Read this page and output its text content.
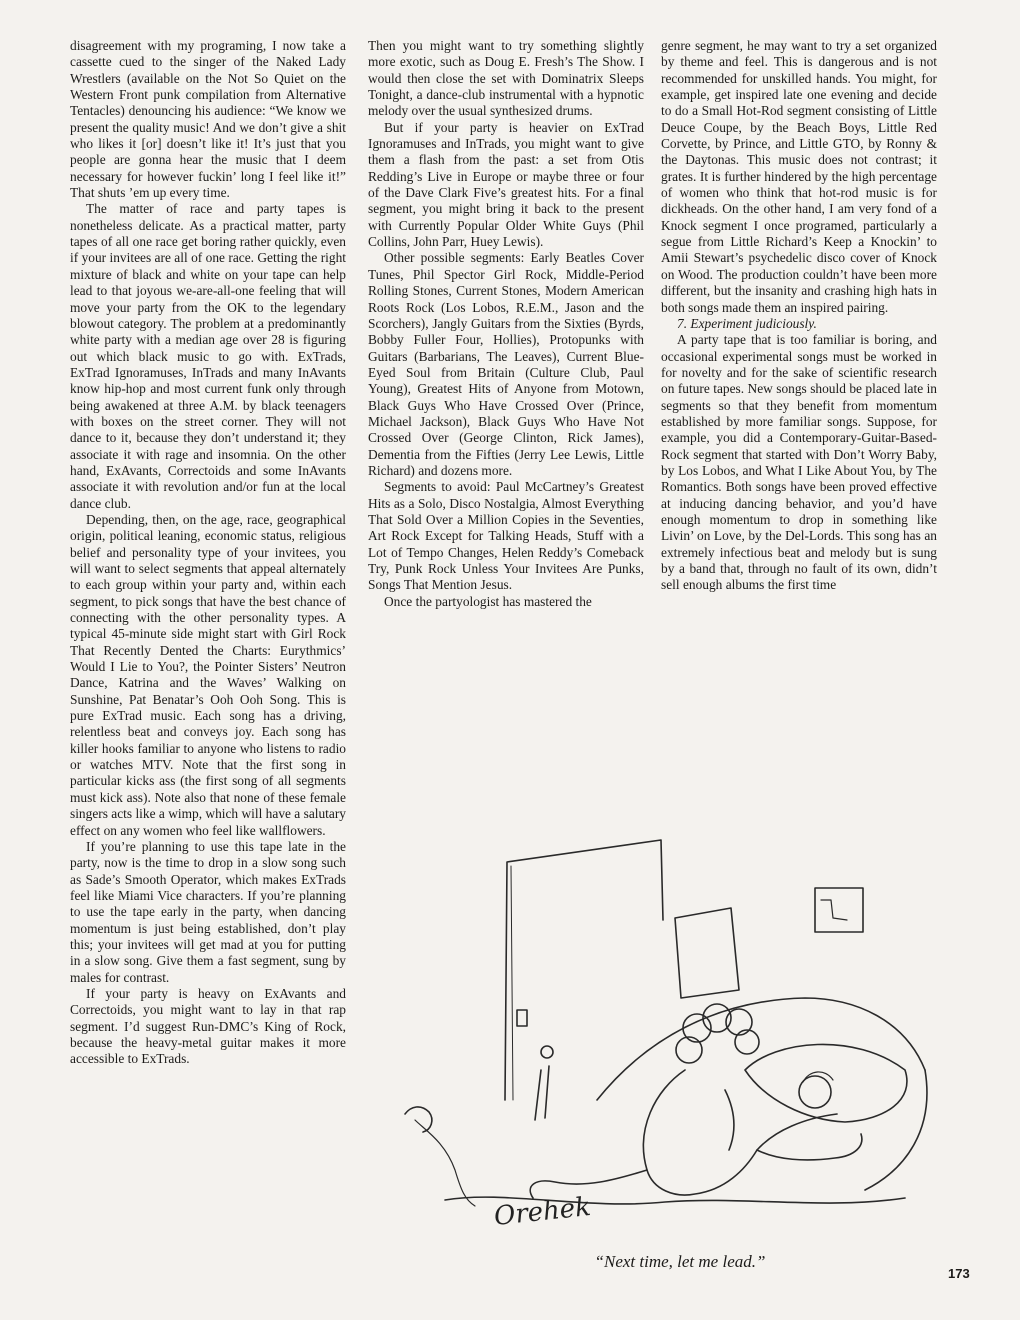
disagreement with my programing, I now take a cassette cued to the singer of the Naked Lady Wrestlers (available on the Not So Quiet on the Western Front punk compilation from Alternative Tentacles) denouncing his audience: “We know we present the quality music! And we don’t give a shit who likes it [or] doesn’t like it! It’s just that you people are gonna hear the music that I deem necessary for however fuckin’ long I feel like it!” That shuts ’em up every time.

The matter of race and party tapes is nonetheless delicate. As a practical matter, party tapes of all one race get boring rather quickly, even if your invitees are all of one race. Getting the right mixture of black and white on your tape can help lead to that joyous we-are-all-one feeling that will move your party from the OK to the legendary blowout category. The problem at a predominantly white party with a median age over 28 is figuring out which black music to go with. ExTrads, ExTrad Ignoramuses, InTrads and many InAvants know hip-hop and most current funk only through being awakened at three A.M. by black teenagers with boxes on the street corner. They will not dance to it, because they don’t understand it; they associate it with rage and insomnia. On the other hand, ExAvants, Correctoids and some InAvants associate it with revolution and/or fun at the local dance club.

Depending, then, on the age, race, geographical origin, political leaning, economic status, religious belief and personality type of your invitees, you will want to select segments that appeal alternately to each group within your party and, within each segment, to pick songs that have the best chance of connecting with the other personality types. A typical 45-minute side might start with Girl Rock That Recently Dented the Charts: Eurythmics’ Would I Lie to You?, the Pointer Sisters’ Neutron Dance, Katrina and the Waves’ Walking on Sunshine, Pat Benatar’s Ooh Ooh Song. This is pure ExTrad music. Each song has a driving, relentless beat and conveys joy. Each song has killer hooks familiar to anyone who listens to radio or watches MTV. Note that the first song in particular kicks ass (the first song of all segments must kick ass). Note also that none of these female singers acts like a wimp, which will have a salutary effect on any women who feel like wallflowers.

If you’re planning to use this tape late in the party, now is the time to drop in a slow song such as Sade’s Smooth Operator, which makes ExTrads feel like Miami Vice characters. If you’re planning to use the tape early in the party, when dancing momentum is just being established, don’t play this; your invitees will get mad at you for putting in a slow song. Give them a fast segment, sung by males for contrast.

If your party is heavy on ExAvants and Correctoids, you might want to lay in that rap segment. I’d suggest Run-DMC’s King of Rock, because the heavy-metal guitar makes it more accessible to ExTrads.

Then you might want to try something slightly more exotic, such as Doug E. Fresh’s The Show. I would then close the set with Dominatrix Sleeps Tonight, a dance-club instrumental with a hypnotic melody over the usual synthesized drums.

But if your party is heavier on ExTrad Ignoramuses and InTrads, you might want to give them a flash from the past: a set from Otis Redding’s Live in Europe or maybe three or four of the Dave Clark Five’s greatest hits. For a final segment, you might bring it back to the present with Currently Popular Older White Guys (Phil Collins, John Parr, Huey Lewis).

Other possible segments: Early Beatles Cover Tunes, Phil Spector Girl Rock, Middle-Period Rolling Stones, Current Stones, Modern American Roots Rock (Los Lobos, R.E.M., Jason and the Scorchers), Jangly Guitars from the Sixties (Byrds, Bobby Fuller Four, Hollies), Protopunks with Guitars (Barbarians, The Leaves), Current Blue-Eyed Soul from Britain (Culture Club, Paul Young), Greatest Hits of Anyone from Motown, Black Guys Who Have Crossed Over (Prince, Michael Jackson), Black Guys Who Have Not Crossed Over (George Clinton, Rick James), Dementia from the Fifties (Jerry Lee Lewis, Little Richard) and dozens more.

Segments to avoid: Paul McCartney’s Greatest Hits as a Solo, Disco Nostalgia, Almost Everything That Sold Over a Million Copies in the Seventies, Art Rock Except for Talking Heads, Stuff with a Lot of Tempo Changes, Helen Reddy’s Comeback Try, Punk Rock Unless Your Invitees Are Punks, Songs That Mention Jesus.

Once the partyologist has mastered the

genre segment, he may want to try a set organized by theme and feel. This is dangerous and is not recommended for unskilled hands. You might, for example, get inspired late one evening and decide to do a Small Hot-Rod segment consisting of Little Deuce Coupe, by the Beach Boys, Little Red Corvette, by Prince, and Little GTO, by Ronny & the Daytonas. This music does not contrast; it grates. It is further hindered by the high percentage of women who think that hot-rod music is for dickheads. On the other hand, I am very fond of a Knock segment I once programed, particularly a segue from Little Richard’s Keep a Knockin’ to Amii Stewart’s psychedelic disco cover of Knock on Wood. The production couldn’t have been more different, but the insanity and crashing high hats in both songs made them an inspired pairing.

7. Experiment judiciously.

A party tape that is too familiar is boring, and occasional experimental songs must be worked in for novelty and for the sake of scientific research on future tapes. New songs should be placed late in segments so that they benefit from momentum established by more familiar songs. Suppose, for example, you did a Contemporary-Guitar-Based-Rock segment that started with Don’t Worry Baby, by Los Lobos, and What I Like About You, by The Romantics. Both songs have been proved effective at inducing dancing behavior, and you’d have enough momentum to drop in something like Livin’ on Love, by the Del-Lords. This song has an extremely infectious beat and melody but is sung by a band that, through no fault of its own, didn’t sell enough albums the first time

Orehek
“Next time, let me lead.”
173
